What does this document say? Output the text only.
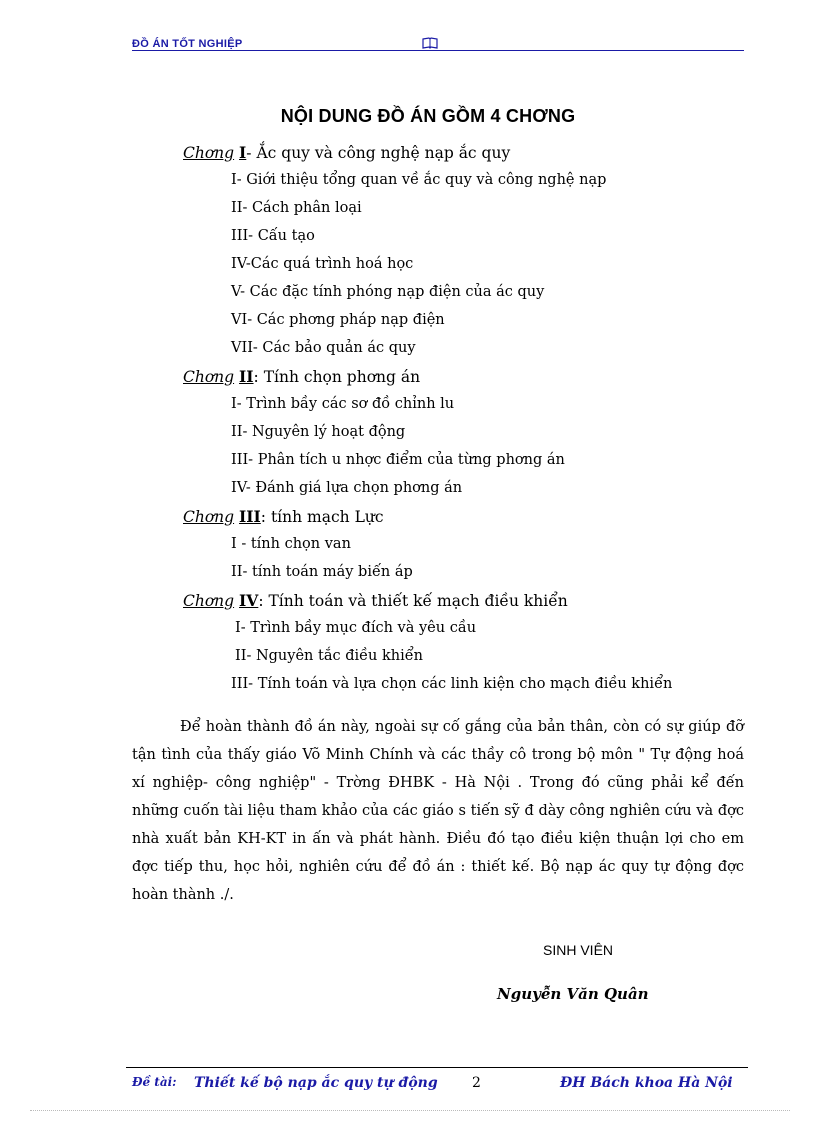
ĐỒ ÁN TỐT NGHIỆP
NỘI DUNG ĐỒ ÁN GỒM 4 CHƠNG
Chơng I- Ắc quy và công nghệ nạp ắc quy
I- Giới thiệu tổng quan về ắc quy và công nghệ nạp
II- Cách phân loại
III- Cấu tạo
IV-Các quá trình hoá học
V- Các đặc tính phóng nạp điện của ác quy
VI- Các phơng pháp nạp điện
VII- Các bảo quản ác quy
Chơng II: Tính chọn phơng án
I- Trình bầy các sơ đồ chỉnh lu
II- Nguyên lý hoạt động
III- Phân tích u nhợc điểm của từng phơng án
IV- Đánh giá lựa chọn phơng án
Chơng III: tính mạch Lực
I - tính chọn van
II- tính toán máy biến áp
Chơng IV: Tính toán và thiết kế mạch điều khiển
I- Trình bầy mục đích và yêu cầu
II- Nguyên tắc điều khiển
III- Tính toán và lựa chọn các linh kiện cho mạch điều khiển

Để hoàn thành đồ án này, ngoài sự cố gắng của bản thân, còn có sự giúp đỡ tận tình của thấy giáo Võ Minh Chính và các thầy cô trong bộ môn " Tự động hoá xí nghiệp- công nghiệp" - Trờng ĐHBK - Hà Nội . Trong đó cũng phải kể đến những cuốn tài liệu tham khảo của các giáo s tiến sỹ đ dày công nghiên cứu và đợc nhà xuất bản KH-KT in ấn và phát hành. Điều đó tạo điều kiện thuận lợi cho em đợc tiếp thu, học hỏi, nghiên cứu để đồ án : thiết kế. Bộ nạp ác quy tự động đợc hoàn thành ./.

SINH VIÊN
Nguyễn Văn Quân
Đề tài: Thiết kế bộ nạp ắc quy tự động 2	ĐH Bách khoa Hà Nội
